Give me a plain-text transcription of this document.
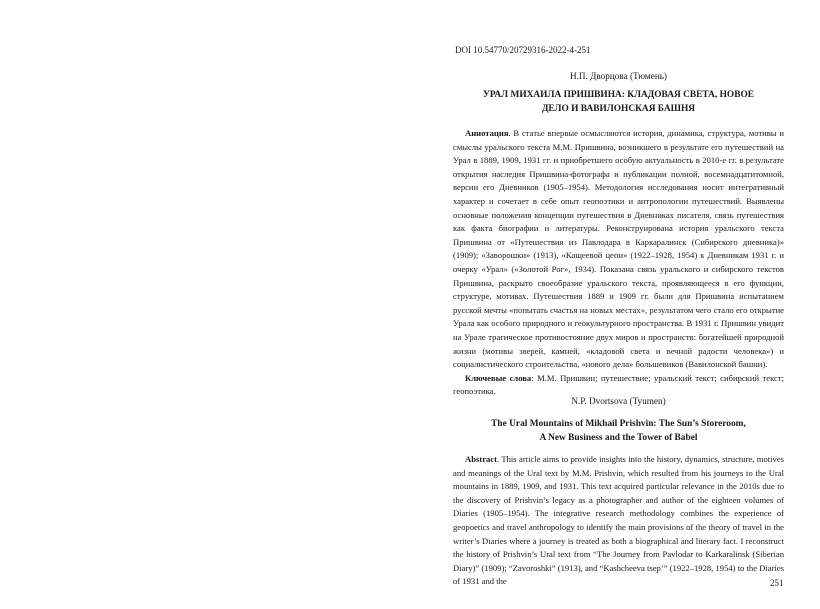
DOI 10.54770/20729316-2022-4-251
Н.П. Дворцова (Тюмень)
УРАЛ МИХАИЛА ПРИШВИНА: КЛАДОВАЯ СВЕТА, НОВОЕ
ДЕЛО И ВАВИЛОНСКАЯ БАШНЯ

Аннотация. В статье впервые осмысляются история, динамика, структура, мотивы и смыслы уральского текста М.М. Пришвина, возникшего в результате его путешествий на Урал в 1889, 1909, 1931 гг. и приобретшего особую актуальность в 2010-е гг. в результате открытия наследия Пришвина-фотографа и публикации полной, восемнадцатитомной, версии его Дневников (1905–1954). Методология исследования носит интегративный характер и сочетает в себе опыт геопоэтики и антропологии путешествий. Выявлены основные положения концепции путешествия в Дневниках писателя, связь путешествия как факта биографии и литературы. Реконструирована история уральского текста Пришвина от «Путешествия из Павлодара в Каркаралинск (Сибирского дневника)» (1909); «Заворошки» (1913), «Кащеевой цепи» (1922–1928, 1954) к Дневникам 1931 г. и очерку «Урал» («Золотой Рог», 1934). Показана связь уральского и сибирского текстов Пришвина, раскрыто своеобразие уральского текста, проявляющееся в его функции, структуре, мотивах. Путешествия 1889 и 1909 гг. были для Пришвина испытанием русской мечты «попытать счастья на новых местах», результатом чего стало его открытие Урала как особого природного и геокультурного пространства. В 1931 г. Пришвин увидит на Урале трагическое противостояние двух миров и пространств: богатейшей природной жизни (мотивы зверей, камней, «кладовой света и вечной радости человека») и социалистического строительства, «нового дела» большевиков (Вавилонской башни).

Ключевые слова: М.М. Пришвин; путешествие; уральский текст; сибирский текст; геопоэтика.

N.P. Dvortsova (Tyumen)
The Ural Mountains of Mikhail Prishvin: The Sun’s Storeroom,
A New Business and the Tower of Babel

Abstract. This article aims to provide insights into the history, dynamics, structure, motives and meanings of the Ural text by M.M. Prishvin, which resulted from his journeys to the Ural mountains in 1889, 1909, and 1931. This text acquired particular relevance in the 2010s due to the discovery of Prishvin’s legacy as a photographer and author of the eighteen volumes of Diaries (1905–1954). The integrative research methodology combines the experience of geopoetics and travel anthropology to identify the main provisions of the theory of travel in the writer’s Diaries where a journey is treated as both a biographical and literary fact. I reconstruct the history of Prishvin’s Ural text from “The Journey from Pavlodar to Karkaralinsk (Siberian Diary)” (1909); “Zavoroshki” (1913), and “Kashcheeva tsep’” (1922–1928, 1954) to the Diaries of 1931 and the	251
